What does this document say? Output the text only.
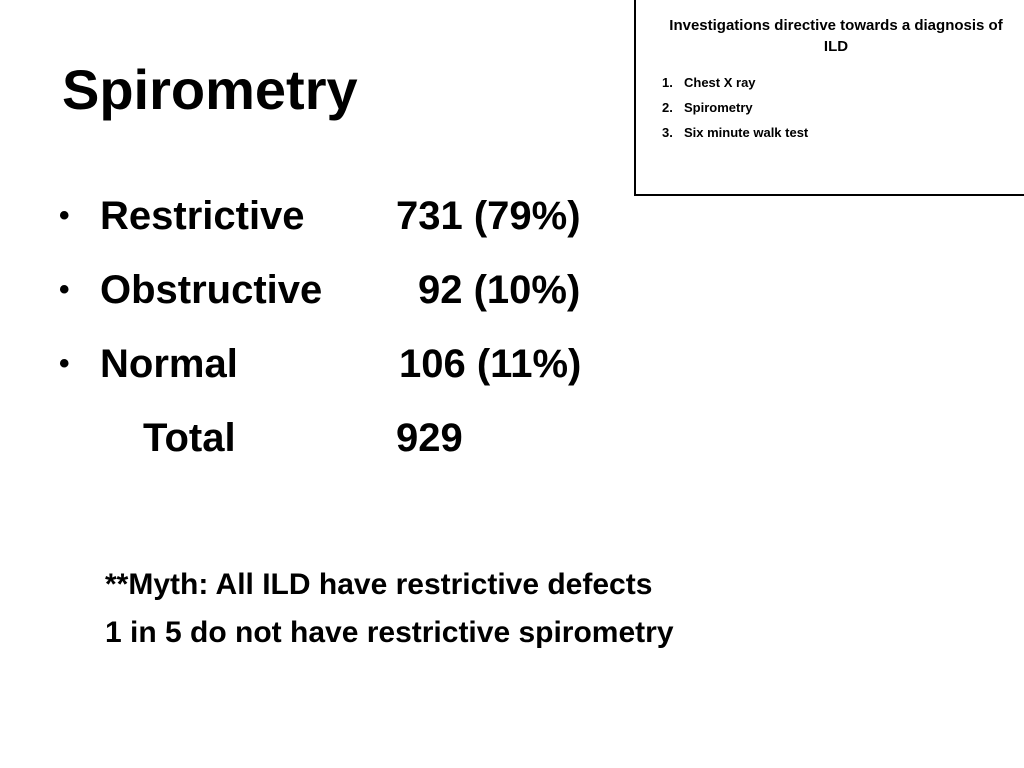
Spirometry
Investigations directive towards a diagnosis of ILD
1. Chest X ray
2. Spirometry
3. Six minute walk test
• Restrictive 731 (79%)
• Obstructive 92 (10%)
• Normal	106 (11%)
Total	929
**Myth: All ILD have restrictive defects
1 in 5 do not have restrictive spirometry
